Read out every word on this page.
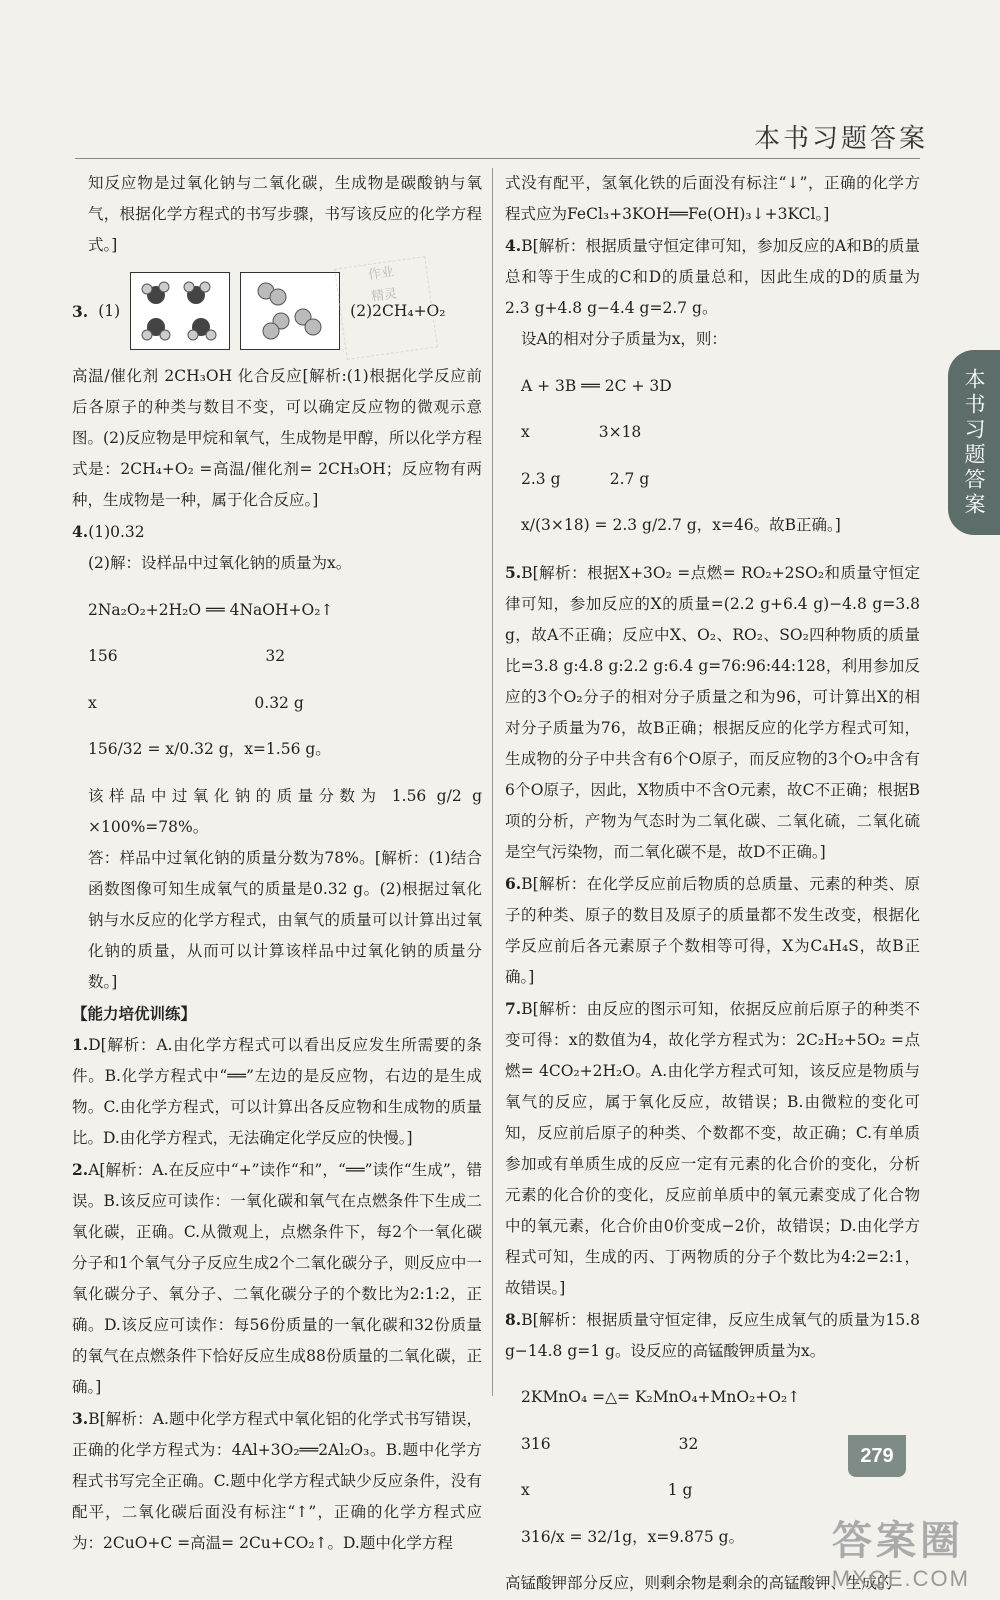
本书习题答案
本书习题答案

知反应物是过氧化钠与二氧化碳，生成物是碳酸钠与氧气，根据化学方程式的书写步骤，书写该反应的化学方程式。]

3. (1)	(2)2CH₄+O₂

高温/催化剂 2CH₃OH 化合反应[解析:(1)根据化学反应前后各原子的种类与数目不变，可以确定反应物的微观示意图。(2)反应物是甲烷和氧气，生成物是甲醇，所以化学方程式是：2CH₄+O₂ =高温/催化剂= 2CH₃OH；反应物有两种，生成物是一种，属于化合反应。]

4.(1)0.32

(2)解：设样品中过氧化钠的质量为x。

2Na₂O₂+2H₂O ══ 4NaOH+O₂↑

156                              32

x                                0.32 g

156/32 = x/0.32 g，x=1.56 g。

该样品中过氧化钠的质量分数为 1.56 g/2 g ×100%=78%。

答：样品中过氧化钠的质量分数为78%。[解析：(1)结合函数图像可知生成氧气的质量是0.32 g。(2)根据过氧化钠与水反应的化学方程式，由氧气的质量可以计算出过氧化钠的质量，从而可以计算该样品中过氧化钠的质量分数。]

【能力培优训练】

1.D[解析：A.由化学方程式可以看出反应发生所需要的条件。B.化学方程式中“══”左边的是反应物，右边的是生成物。C.由化学方程式，可以计算出各反应物和生成物的质量比。D.由化学方程式，无法确定化学反应的快慢。]

2.A[解析：A.在反应中“+”读作“和”，“══”读作“生成”，错误。B.该反应可读作：一氧化碳和氧气在点燃条件下生成二氧化碳，正确。C.从微观上，点燃条件下，每2个一氧化碳分子和1个氧气分子反应生成2个二氧化碳分子，则反应中一氧化碳分子、氧分子、二氧化碳分子的个数比为2:1:2，正确。D.该反应可读作：每56份质量的一氧化碳和32份质量的氧气在点燃条件下恰好反应生成88份质量的二氧化碳，正确。]

3.B[解析：A.题中化学方程式中氧化铝的化学式书写错误，正确的化学方程式为：4Al+3O₂══2Al₂O₃。B.题中化学方程式书写完全正确。C.题中化学方程式缺少反应条件，没有配平，二氧化碳后面没有标注“↑”，正确的化学方程式应为：2CuO+C =高温= 2Cu+CO₂↑。D.题中化学方程

式没有配平，氢氧化铁的后面没有标注“↓”，正确的化学方程式应为FeCl₃+3KOH══Fe(OH)₃↓+3KCl。]

4.B[解析：根据质量守恒定律可知，参加反应的A和B的质量总和等于生成的C和D的质量总和，因此生成的D的质量为2.3 g+4.8 g−4.4 g=2.7 g。

设A的相对分子质量为x，则：

A + 3B ══ 2C + 3D

x              3×18

2.3 g          2.7 g

x/(3×18) = 2.3 g/2.7 g，x=46。故B正确。]

5.B[解析：根据X+3O₂ =点燃= RO₂+2SO₂和质量守恒定律可知，参加反应的X的质量=(2.2 g+6.4 g)−4.8 g=3.8 g，故A不正确；反应中X、O₂、RO₂、SO₂四种物质的质量比=3.8 g:4.8 g:2.2 g:6.4 g=76:96:44:128，利用参加反应的3个O₂分子的相对分子质量之和为96，可计算出X的相对分子质量为76，故B正确；根据反应的化学方程式可知，生成物的分子中共含有6个O原子，而反应物的3个O₂中含有6个O原子，因此，X物质中不含O元素，故C不正确；根据B项的分析，产物为气态时为二氧化碳、二氧化硫，二氧化硫是空气污染物，而二氧化碳不是，故D不正确。]

6.B[解析：在化学反应前后物质的总质量、元素的种类、原子的种类、原子的数目及原子的质量都不发生改变，根据化学反应前后各元素原子个数相等可得，X为C₄H₄S，故B正确。]

7.B[解析：由反应的图示可知，依据反应前后原子的种类不变可得：x的数值为4，故化学方程式为：2C₂H₂+5O₂ =点燃= 4CO₂+2H₂O。A.由化学方程式可知，该反应是物质与氧气的反应，属于氧化反应，故错误；B.由微粒的变化可知，反应前后原子的种类、个数都不变，故正确；C.有单质参加或有单质生成的反应一定有元素的化合价的变化，分析元素的化合价的变化，反应前单质中的氧元素变成了化合物中的氧元素，化合价由0价变成−2价，故错误；D.由化学方程式可知，生成的丙、丁两物质的分子个数比为4:2=2:1，故错误。]

8.B[解析：根据质量守恒定律，反应生成氧气的质量为15.8 g−14.8 g=1 g。设反应的高锰酸钾质量为x。

2KMnO₄ =△= K₂MnO₄+MnO₂+O₂↑

316                          32

x                            1 g

316/x = 32/1g，x=9.875 g。

高锰酸钾部分反应，则剩余物是剩余的高锰酸钾、生成的

作业
精灵
279
答案圈
MXQE.COM
